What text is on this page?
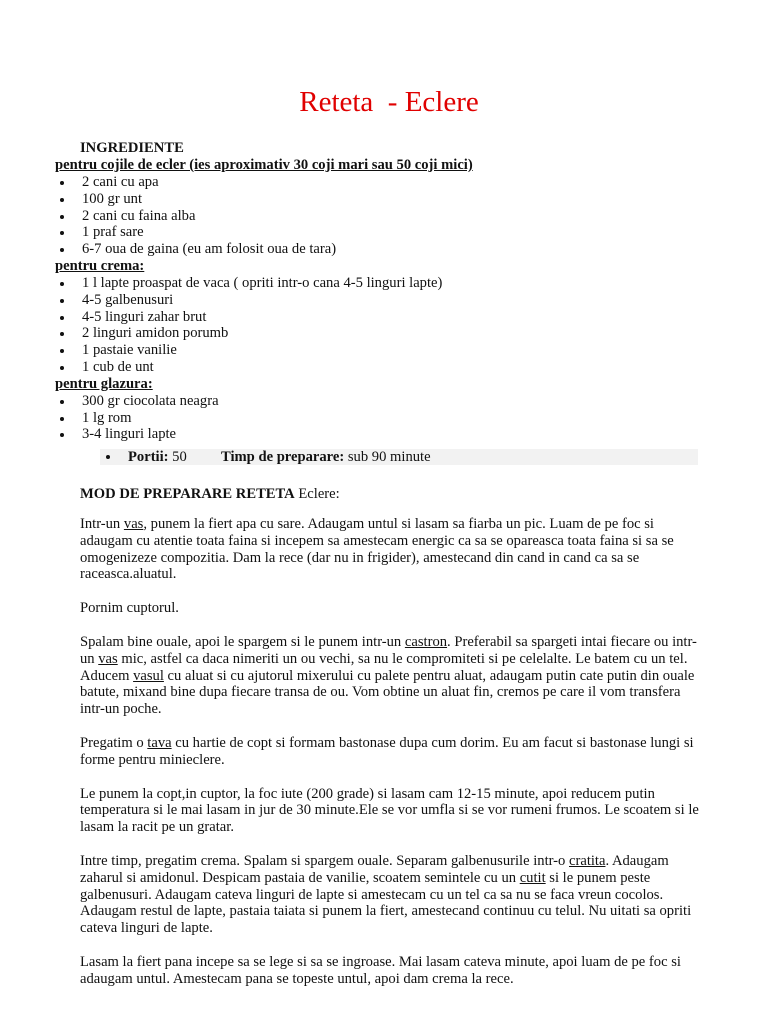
Reteta  - Eclere
INGREDIENTE
pentru cojile de ecler (ies aproximativ 30 coji mari sau 50 coji mici)
2 cani cu apa
100 gr unt
2 cani cu faina alba
1 praf sare
6-7 oua de gaina (eu am folosit oua de tara)
pentru crema:
1 l lapte proaspat de vaca ( opriti intr-o cana 4-5 linguri lapte)
4-5 galbenusuri
4-5 linguri zahar brut
2 linguri amidon porumb
1 pastaie vanilie
1 cub de unt
pentru glazura:
300 gr ciocolata neagra
1 lg rom
3-4 linguri lapte
Portii: 50 Timp de preparare: sub 90 minute
MOD DE PREPARARE RETETA Eclere:

Intr-un vas, punem la fiert apa cu sare. Adaugam untul si lasam sa fiarba un pic. Luam de pe foc si adaugam cu atentie toata faina si incepem sa amestecam energic ca sa se opareasca toata faina si sa se omogenizeze compozitia. Dam la rece (dar nu in frigider), amestecand din cand in cand ca sa se raceasca.aluatul.

Pornim cuptorul.

Spalam bine ouale, apoi le spargem si le punem intr-un castron. Preferabil sa spargeti intai fiecare ou intr-un vas mic, astfel ca daca nimeriti un ou vechi, sa nu le compromiteti si pe celelalte. Le batem cu un tel. Aducem vasul cu aluat si cu ajutorul mixerului cu palete pentru aluat, adaugam putin cate putin din ouale batute, mixand bine dupa fiecare transa de ou. Vom obtine un aluat fin, cremos pe care il vom transfera intr-un poche.

Pregatim o tava cu hartie de copt si formam bastonase dupa cum dorim. Eu am facut si bastonase lungi si forme pentru minieclere.

Le punem la copt,in cuptor, la foc iute (200 grade) si lasam cam 12-15 minute, apoi reducem putin temperatura si le mai lasam in jur de 30 minute.Ele se vor umfla si se vor rumeni frumos. Le scoatem si le lasam la racit pe un gratar.

Intre timp, pregatim crema. Spalam si spargem ouale. Separam galbenusurile intr-o cratita. Adaugam zaharul si amidonul. Despicam pastaia de vanilie, scoatem semintele cu un cutit si le punem peste galbenusuri. Adaugam cateva linguri de lapte si amestecam cu un tel ca sa nu se faca vreun cocolos. Adaugam restul de lapte, pastaia taiata si punem la fiert, amestecand continuu cu telul. Nu uitati sa opriti cateva linguri de lapte.

Lasam la fiert pana incepe sa se lege si sa se ingroase. Mai lasam cateva minute, apoi luam de pe foc si adaugam untul. Amestecam pana se topeste untul, apoi dam crema la rece.
